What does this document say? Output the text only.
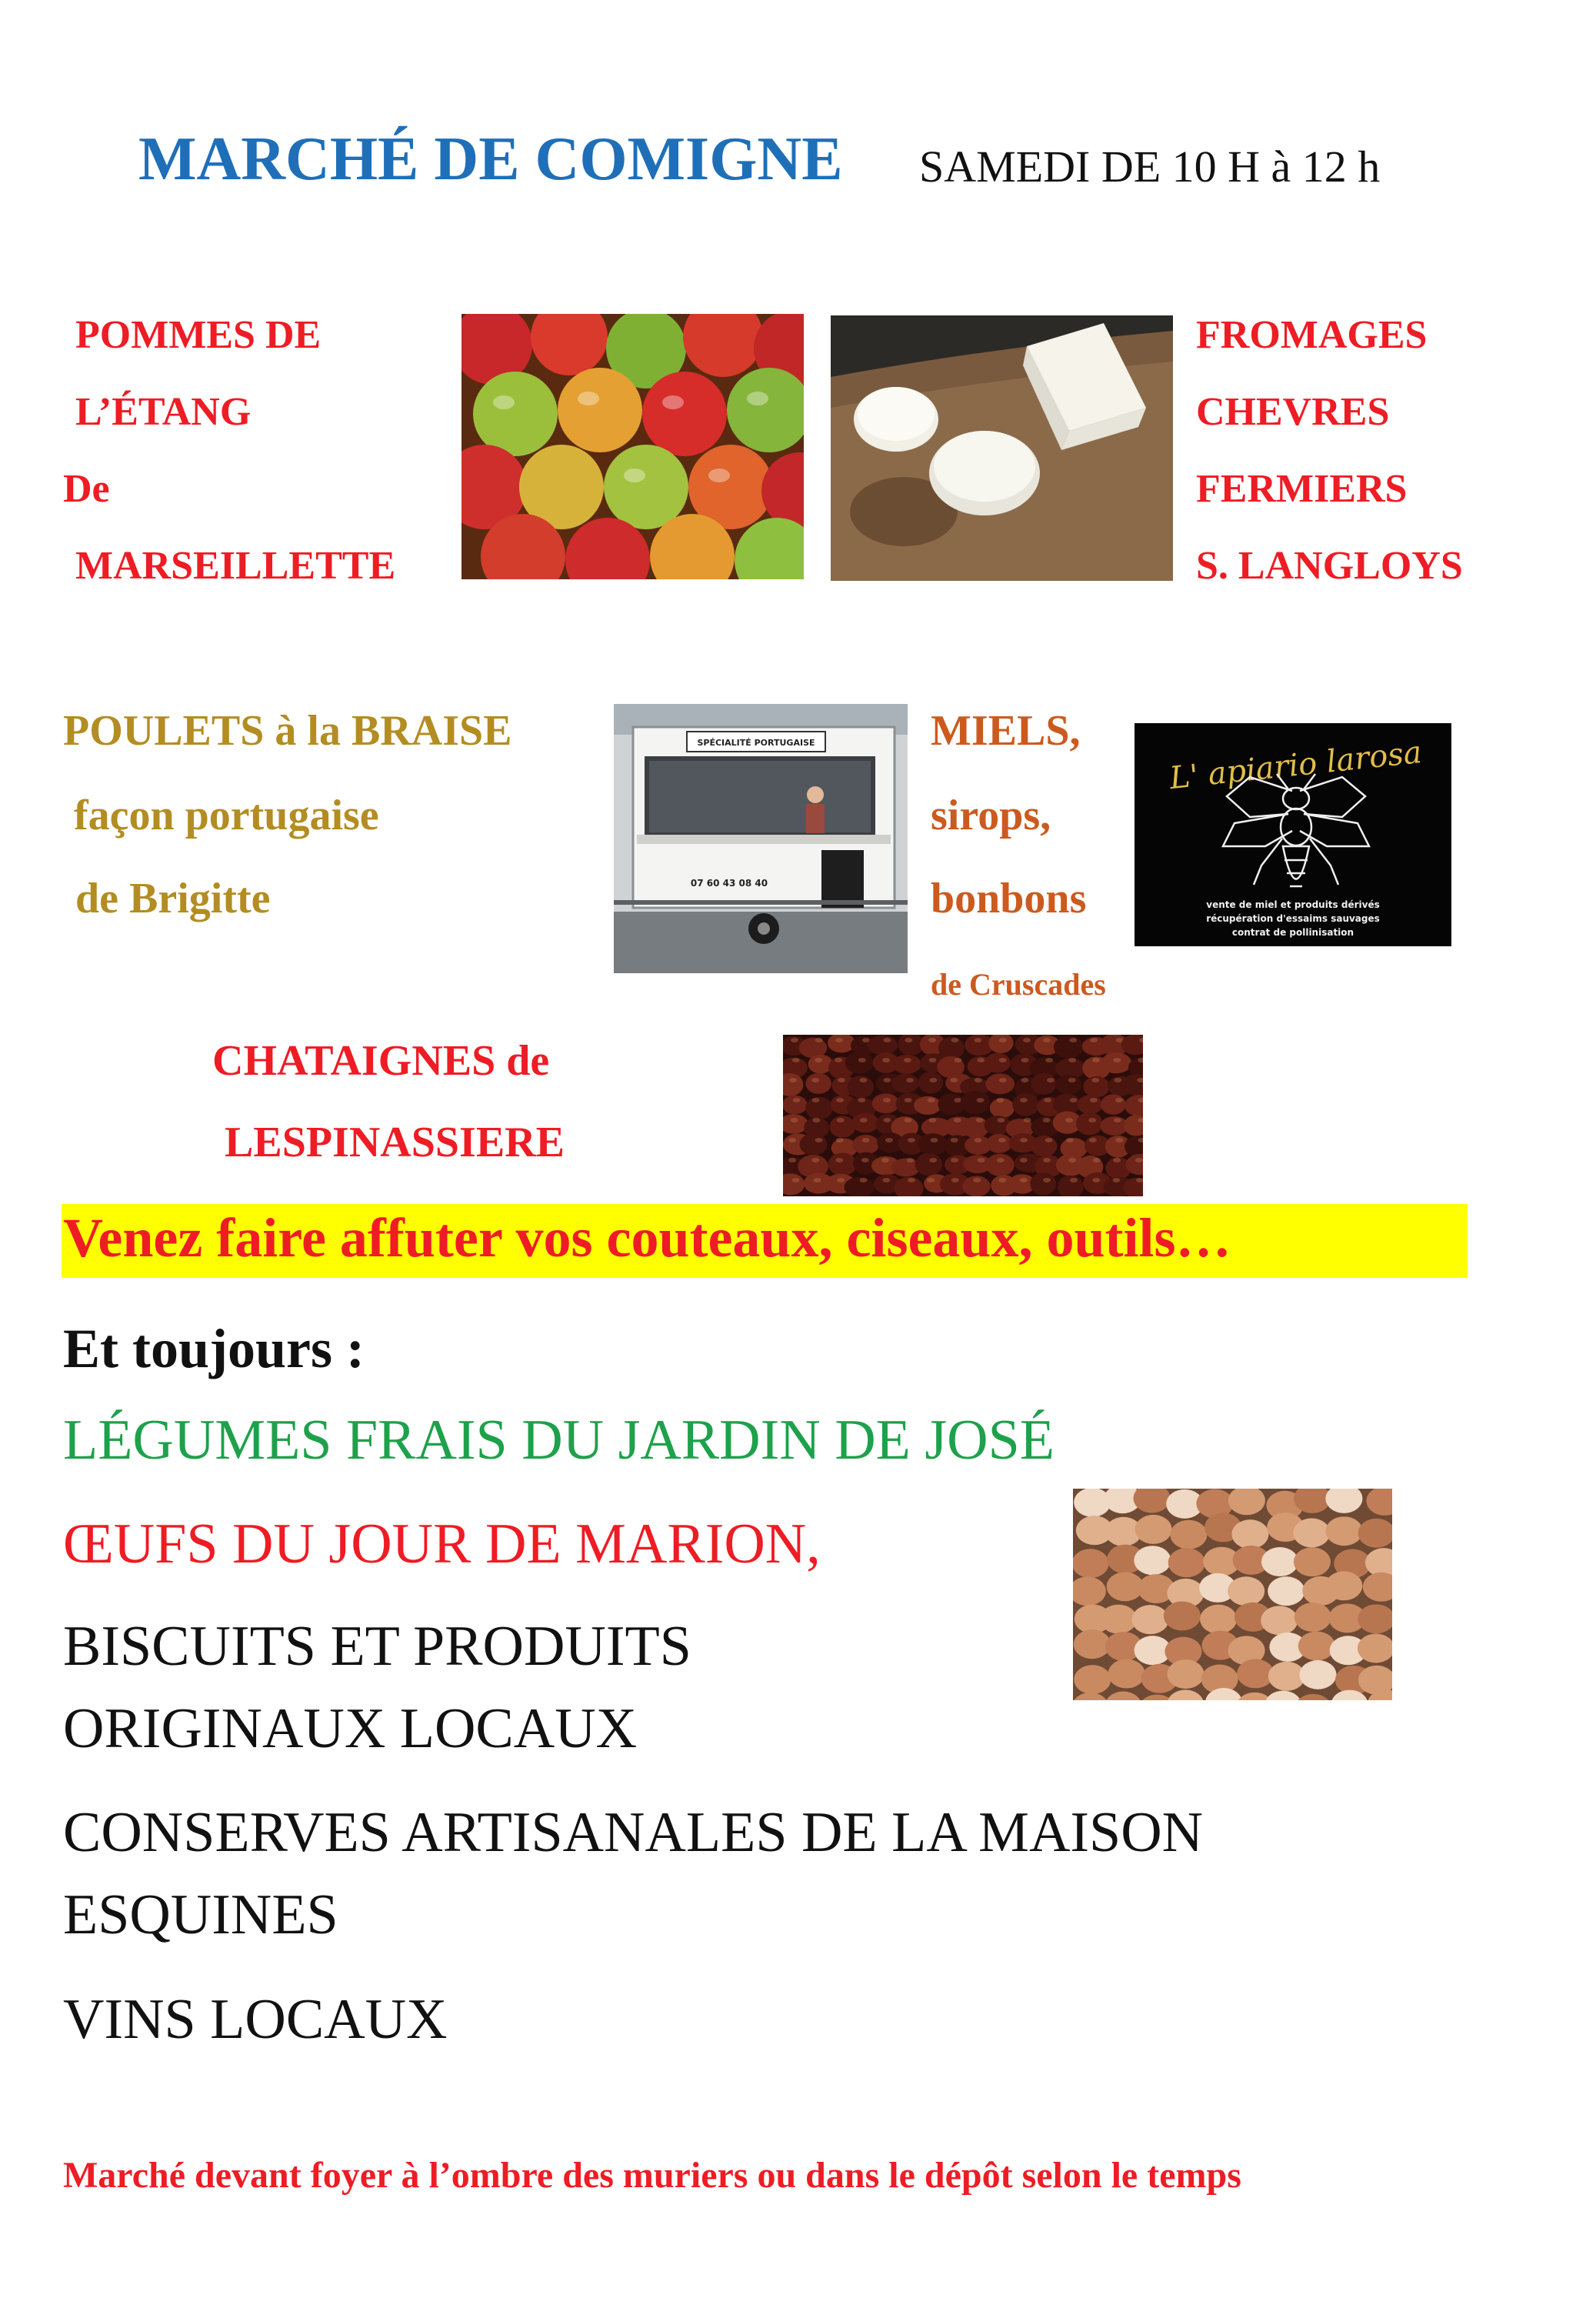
MARCHÉ DE COMIGNE SAMEDI DE 10 H à 12 h
POMMES DE
L’ÉTANG
De
MARSEILLETTE
FROMAGES
CHEVRES
FERMIERS
S. LANGLOYS
POULETS à la BRAISE
façon portugaise
de Brigitte
SPÉCIALITÉ PORTUGAISE
07 60 43 08 40
MIELS,
sirops,
bonbons
de Cruscades
L' apiario larosa
vente de miel et produits dérivés
récupération d'essaims sauvages
contrat de pollinisation
CHATAIGNES de
LESPINASSIERE
Venez faire affuter vos couteaux, ciseaux, outils…
Et toujours :
LÉGUMES FRAIS DU JARDIN DE JOSÉ
ŒUFS DU JOUR DE MARION,
BISCUITS ET PRODUITS
ORIGINAUX LOCAUX
CONSERVES ARTISANALES DE LA MAISON
ESQUINES
VINS LOCAUX
Marché devant foyer à l’ombre des muriers ou dans le dépôt selon le temps
